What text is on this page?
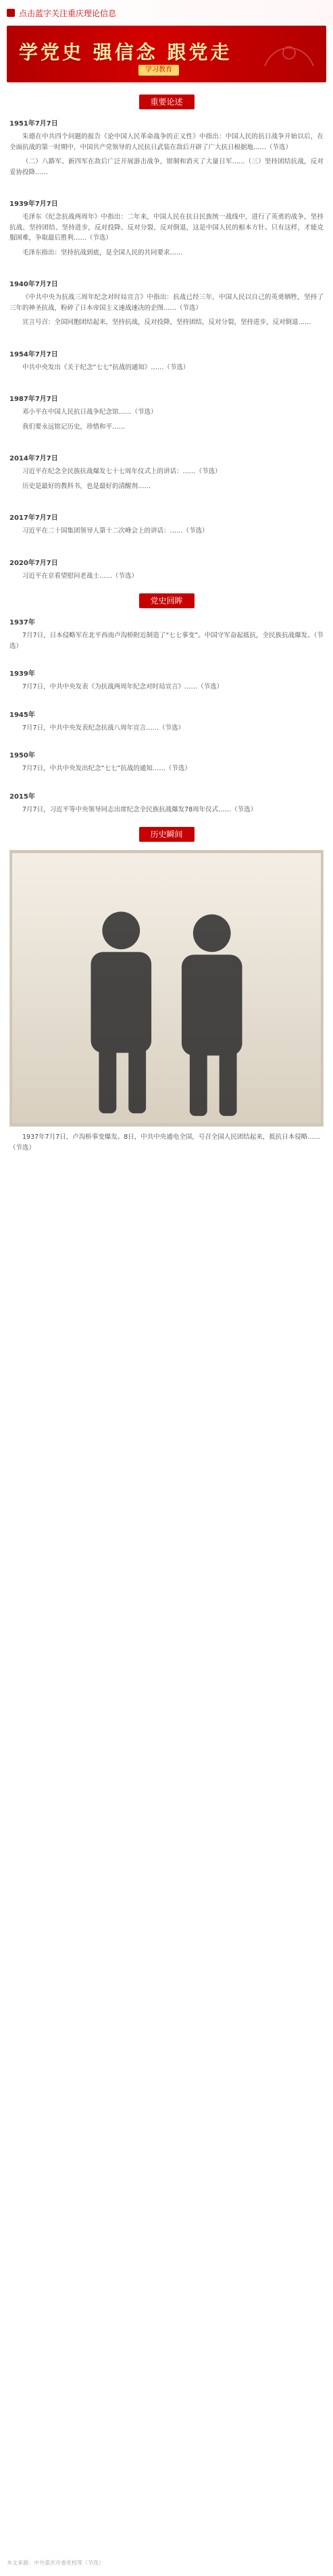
点击蓝字关注重庆理论信息
学党史 强信念 跟党走
学习教育
重要论述
1951年7月7日

朱德在中共四个问题的报告《论中国人民革命战争的正义性》中指出：中国人民的抗日战争开始以后，在全面抗战的第一时期中，中国共产党领导的人民抗日武装在敌后开辟了广大抗日根据地……（节选）

（二）八路军、新四军在敌后广泛开展游击战争，钳制和消灭了大量日军……（三）坚持团结抗战，反对妥协投降……

1939年7月7日

毛泽东《纪念抗战两周年》中指出：二年来，中国人民在抗日民族统一战线中，进行了英勇的战争，坚持抗战、坚持团结、坚持进步，反对投降、反对分裂、反对倒退，这是中国人民的根本方针。只有这样，才能克服困难，争取最后胜利……（节选）

毛泽东指出：坚持抗战到底，是全国人民的共同要求……

1940年7月7日

《中共中央为抗战三周年纪念对时局宣言》中指出：抗战已经三年，中国人民以自己的英勇牺牲，坚持了三年的神圣抗战，粉碎了日本帝国主义速战速决的企图……（节选）

宣言号召：全国同胞团结起来，坚持抗战，反对投降，坚持团结，反对分裂，坚持进步，反对倒退……

1954年7月7日

中共中央发出《关于纪念“七七”抗战的通知》……（节选）

1987年7月7日

邓小平在中国人民抗日战争纪念馆……（节选）

我们要永远铭记历史，珍惜和平……

2014年7月7日

习近平在纪念全民族抗战爆发七十七周年仪式上的讲话：……（节选）

历史是最好的教科书，也是最好的清醒剂……

2017年7月7日

习近平在二十国集团领导人第十二次峰会上的讲话：……（节选）

2020年7月7日

习近平在京看望慰问老战士……（节选）

党史回眸
1937年

7月7日，日本侵略军在北平西南卢沟桥附近制造了“七七事变”。中国守军奋起抵抗，全民族抗战爆发。（节选）

1939年

7月7日，中共中央发表《为抗战两周年纪念对时局宣言》……（节选）

1945年

7月7日，中共中央发表纪念抗战八周年宣言……（节选）

1950年

7月7日，中共中央发出纪念“七七”抗战的通知……（节选）

2015年

7月7日，习近平等中央领导同志出席纪念全民族抗战爆发78周年仪式……（节选）

历史瞬间
1937年7月7日，卢沟桥事变爆发。8日，中共中央通电全国，号召全国人民团结起来，抵抗日本侵略……（节选）
本文来源：中共重庆市委党校等（节选）
